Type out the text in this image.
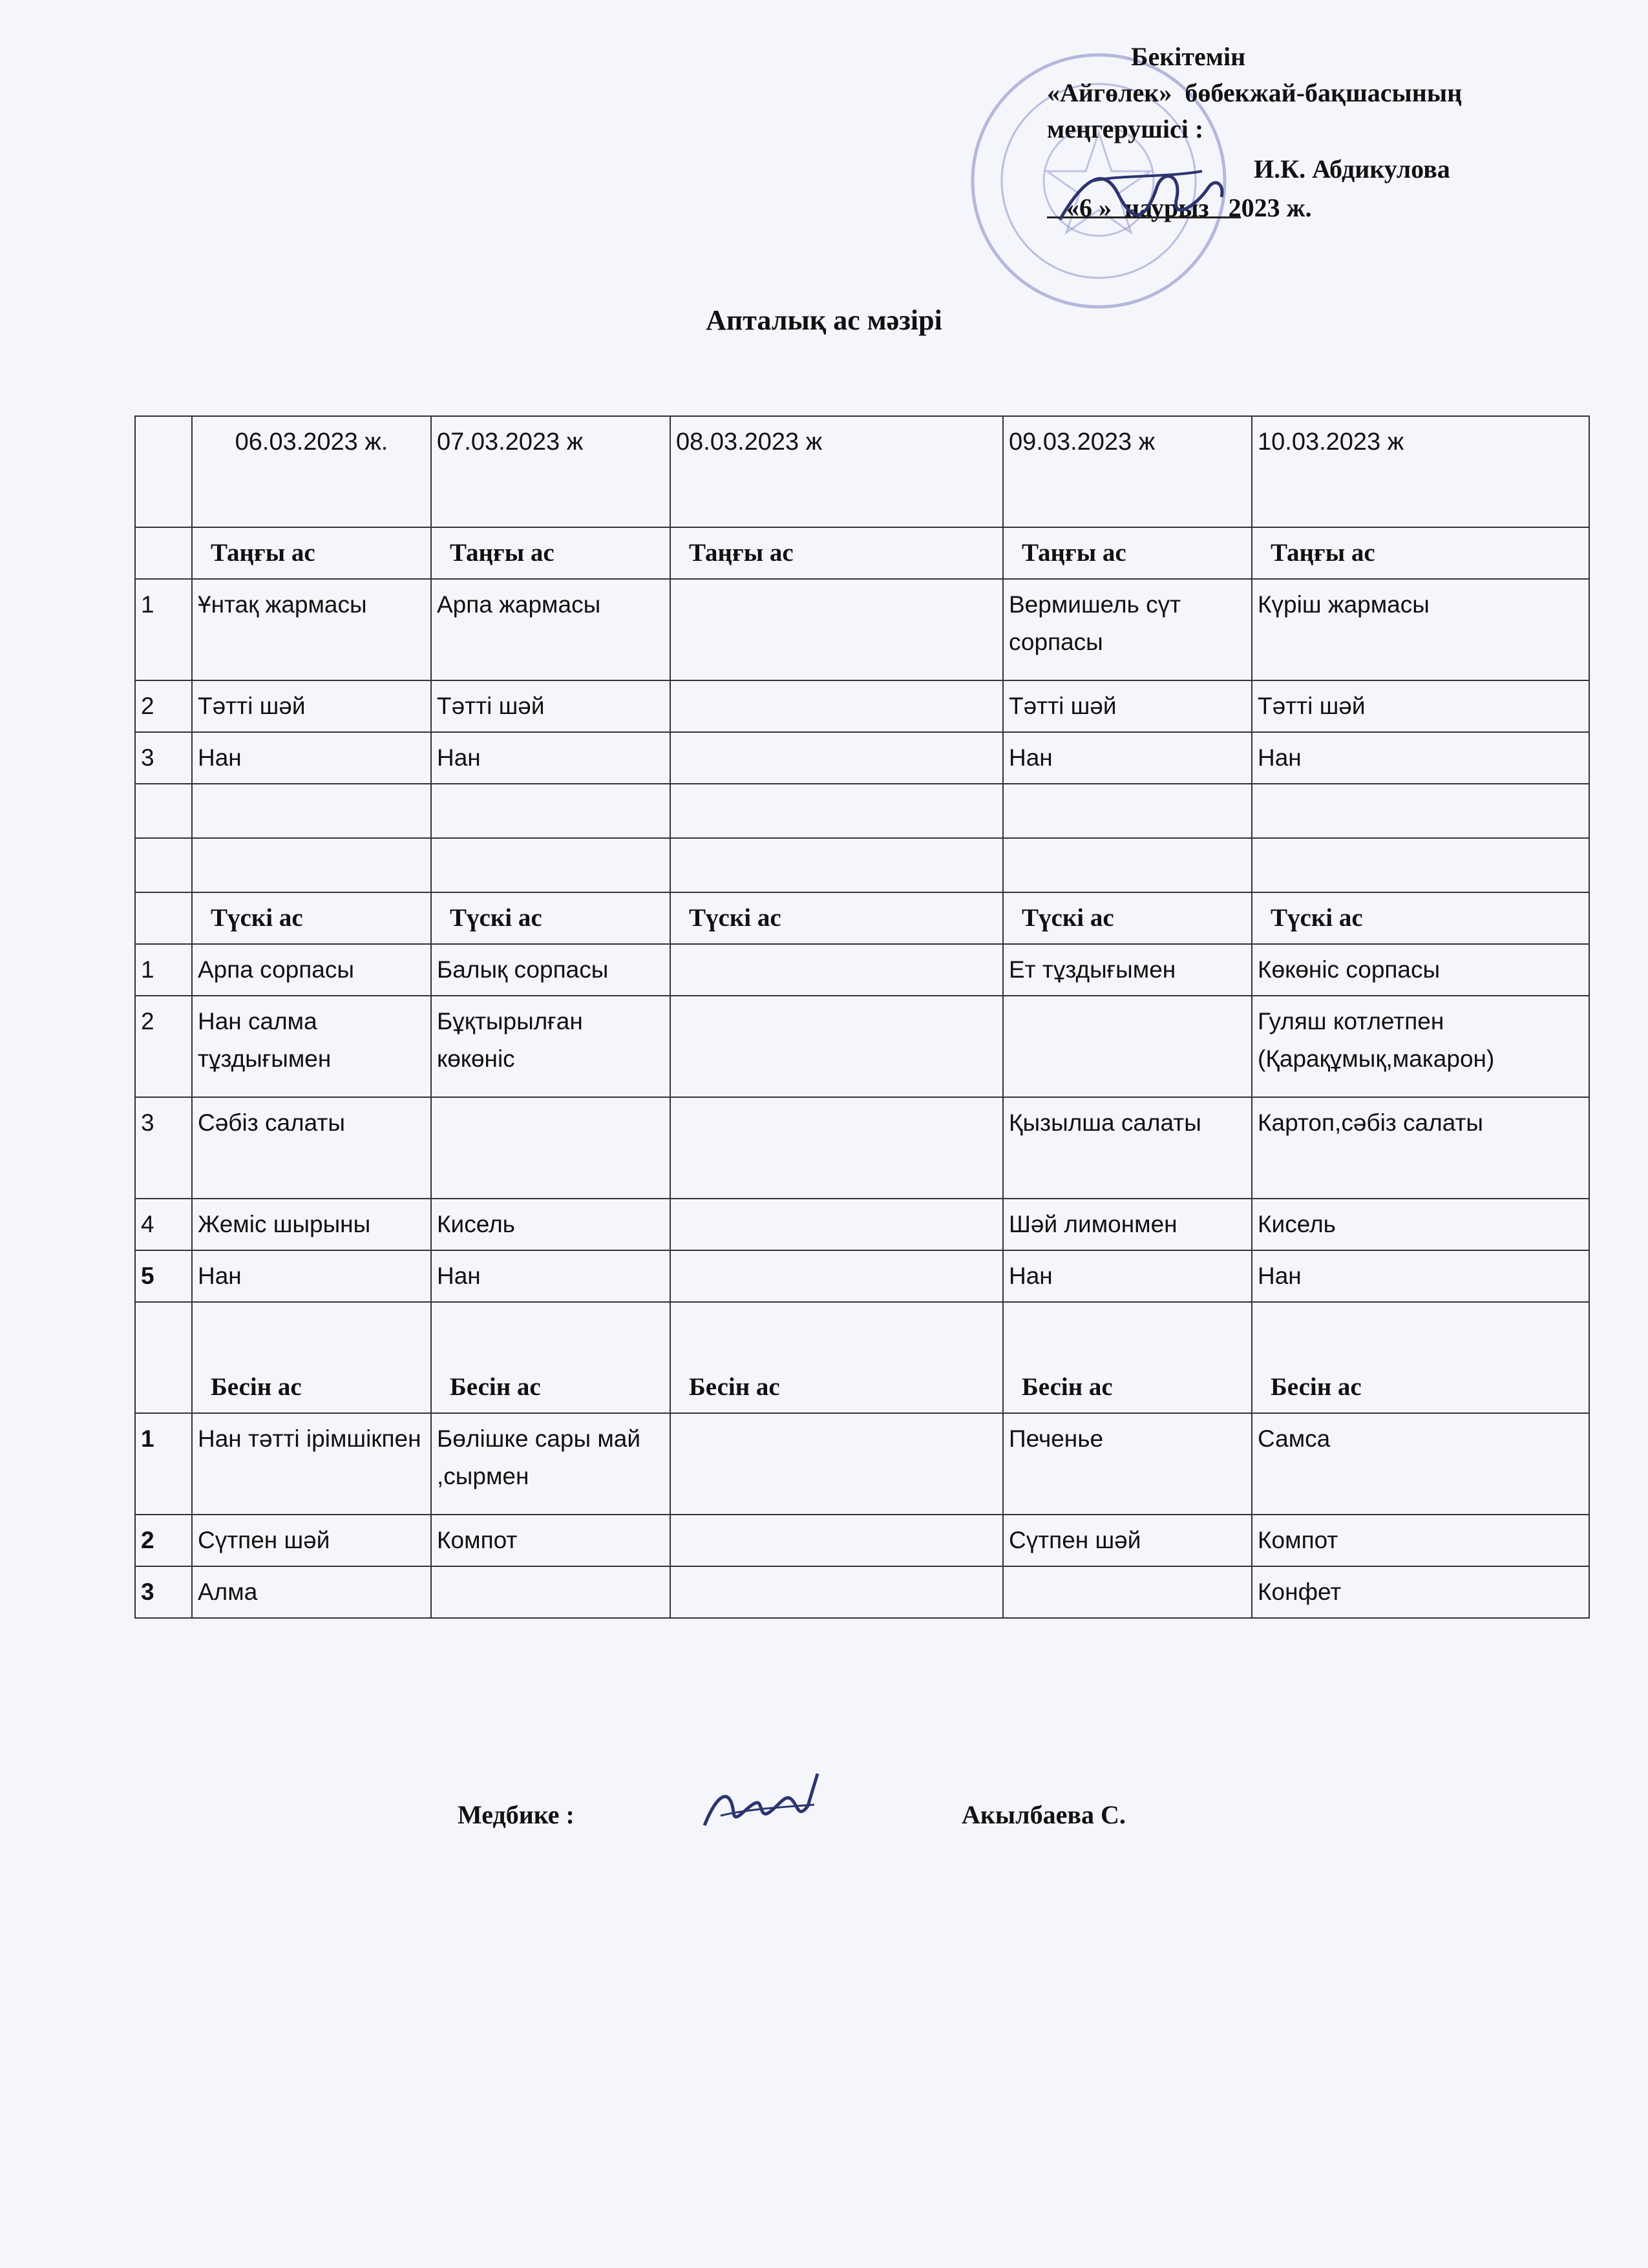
Бекітемін
«Айгөлек»  бөбекжай-бақшасының
меңгерушісі :
И.К. Абдикулова
«6 »  наурыз   2023 ж.
Апталық ас мәзірі
	06.03.2023 ж.	07.03.2023 ж	08.03.2023 ж	09.03.2023 ж	10.03.2023 ж
	Таңғы ас	Таңғы ас	Таңғы ас	Таңғы ас	Таңғы ас
1	Ұнтақ жармасы	Арпа жармасы		Вермишель сүт сорпасы	Күріш жармасы
2	Тәтті шәй	Тәтті шәй		Тәтті шәй	Тәтті шәй
3	Нан	Нан		Нан	Нан

	Түскі ас	Түскі ас	Түскі ас	Түскі ас	Түскі ас
1	Арпа сорпасы	Балық сорпасы		Ет тұздығымен	Көкөніс сорпасы
2	Нан салма тұздығымен	Бұқтырылған көкөніс			Гуляш котлетпен (Қарақұмық,макарон)
3	Сәбіз салаты			Қызылша салаты	Картоп,сәбіз салаты
4	Жеміс шырыны	Кисель		Шәй лимонмен	Кисель
5	Нан	Нан		Нан	Нан
	Бесін ас	Бесін ас	Бесін ас	Бесін ас	Бесін ас
1	Нан тәтті ірімшікпен	Бөлішке сары май ,сырмен		Печенье	Самса
2	Сүтпен шәй	Компот		Сүтпен шәй	Компот
3	Алма				Конфет
Медбике :	Акылбаева С.
